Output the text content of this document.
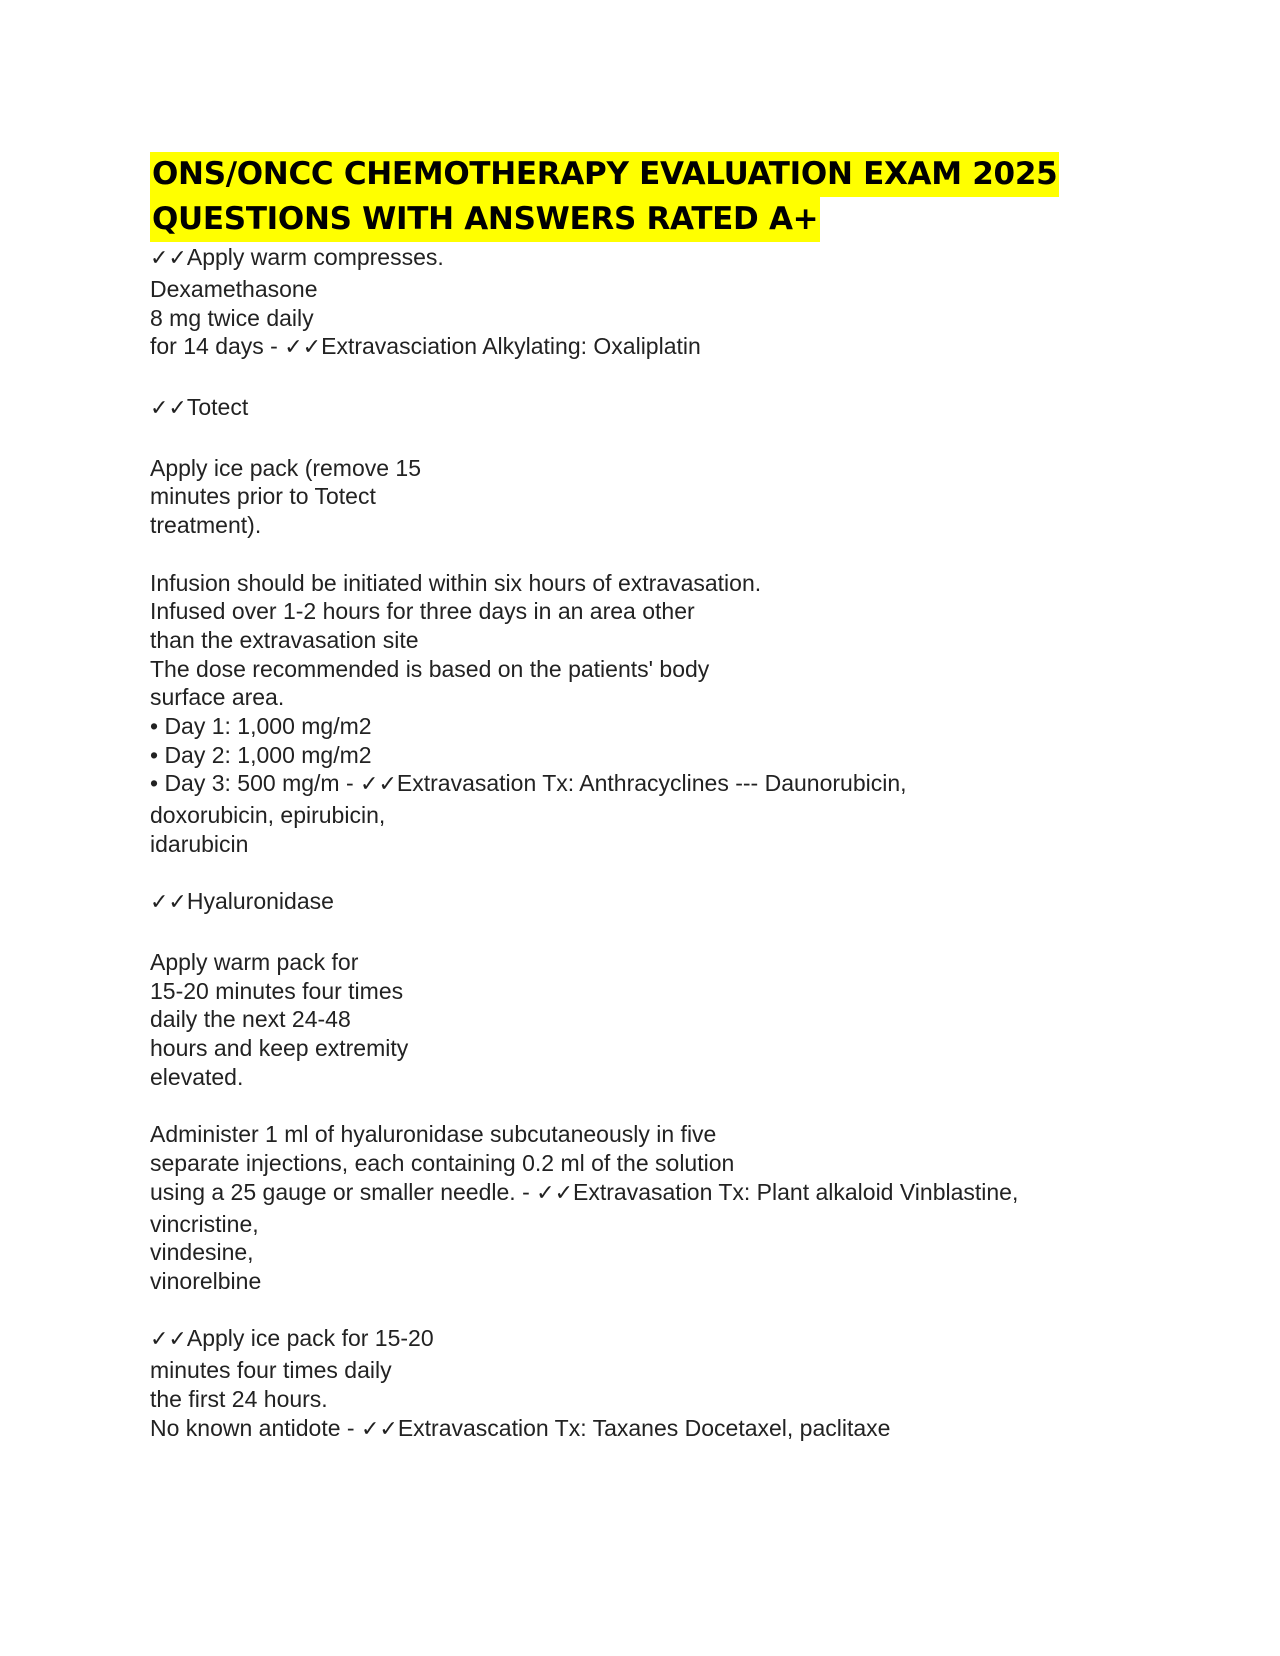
ONS/ONCC CHEMOTHERAPY EVALUATION EXAM 2025
QUESTIONS WITH ANSWERS RATED A+
✓✓Apply warm compresses.
Dexamethasone
8 mg twice daily
for 14 days - ✓✓Extravasciation Alkylating: Oxaliplatin
✓✓Totect
Apply ice pack (remove 15
minutes prior to Totect
treatment).
Infusion should be initiated within six hours of extravasation.
Infused over 1-2 hours for three days in an area other
than the extravasation site
The dose recommended is based on the patients' body
surface area.
• Day 1: 1,000 mg/m2
• Day 2: 1,000 mg/m2
• Day 3: 500 mg/m - ✓✓Extravasation Tx: Anthracyclines --- Daunorubicin,
doxorubicin, epirubicin,
idarubicin
✓✓Hyaluronidase
Apply warm pack for
15-20 minutes four times
daily the next 24-48
hours and keep extremity
elevated.
Administer 1 ml of hyaluronidase subcutaneously in five
separate injections, each containing 0.2 ml of the solution
using a 25 gauge or smaller needle. - ✓✓Extravasation Tx: Plant alkaloid Vinblastine,
vincristine,
vindesine,
vinorelbine
✓✓Apply ice pack for 15-20
minutes four times daily
the first 24 hours.
No known antidote - ✓✓Extravascation Tx: Taxanes Docetaxel, paclitaxe
